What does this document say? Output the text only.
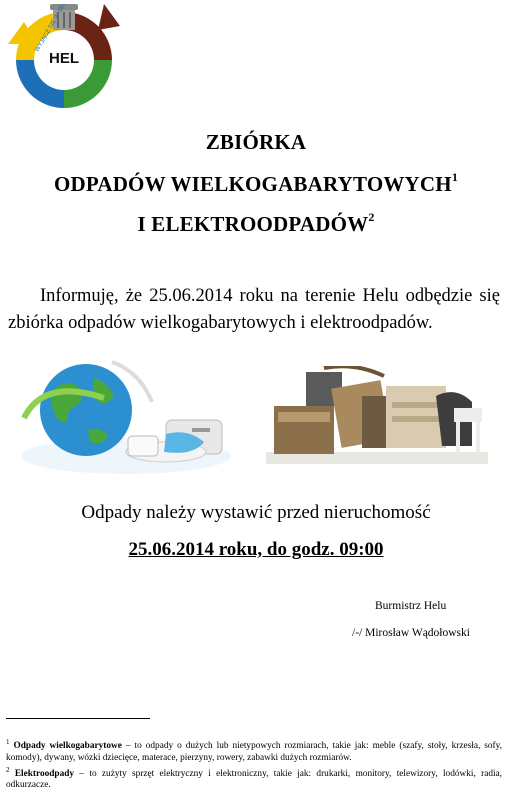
WYJĄCZ SIĘ W
HEL
ZBIÓRKA
ODPADÓW WIELKOGABARYTOWYCH$^1$
I ELEKTROODPADÓW$^2$
Informuję, że 25.06.2014 roku na terenie Helu odbędzie się zbiórka odpadów wielkogabarytowych i elektroodpadów.
Odpady należy wystawić przed nieruchomość
25.06.2014 roku, do godz. 09:00
Burmistrz Helu
/-/ Mirosław Wądołowski

$^1$ Odpady wielkogabarytowe – to odpady o dużych lub nietypowych rozmiarach, takie jak: meble (szafy, stoły, krzesła, sofy, komody), dywany, wózki dziecięce, materace, pierzyny, rowery, zabawki dużych rozmiarów.

$^2$ Elektroodpady – to zużyty sprzęt elektryczny i elektroniczny, takie jak: drukarki, monitory, telewizory, lodówki, radia, odkurzacze.
